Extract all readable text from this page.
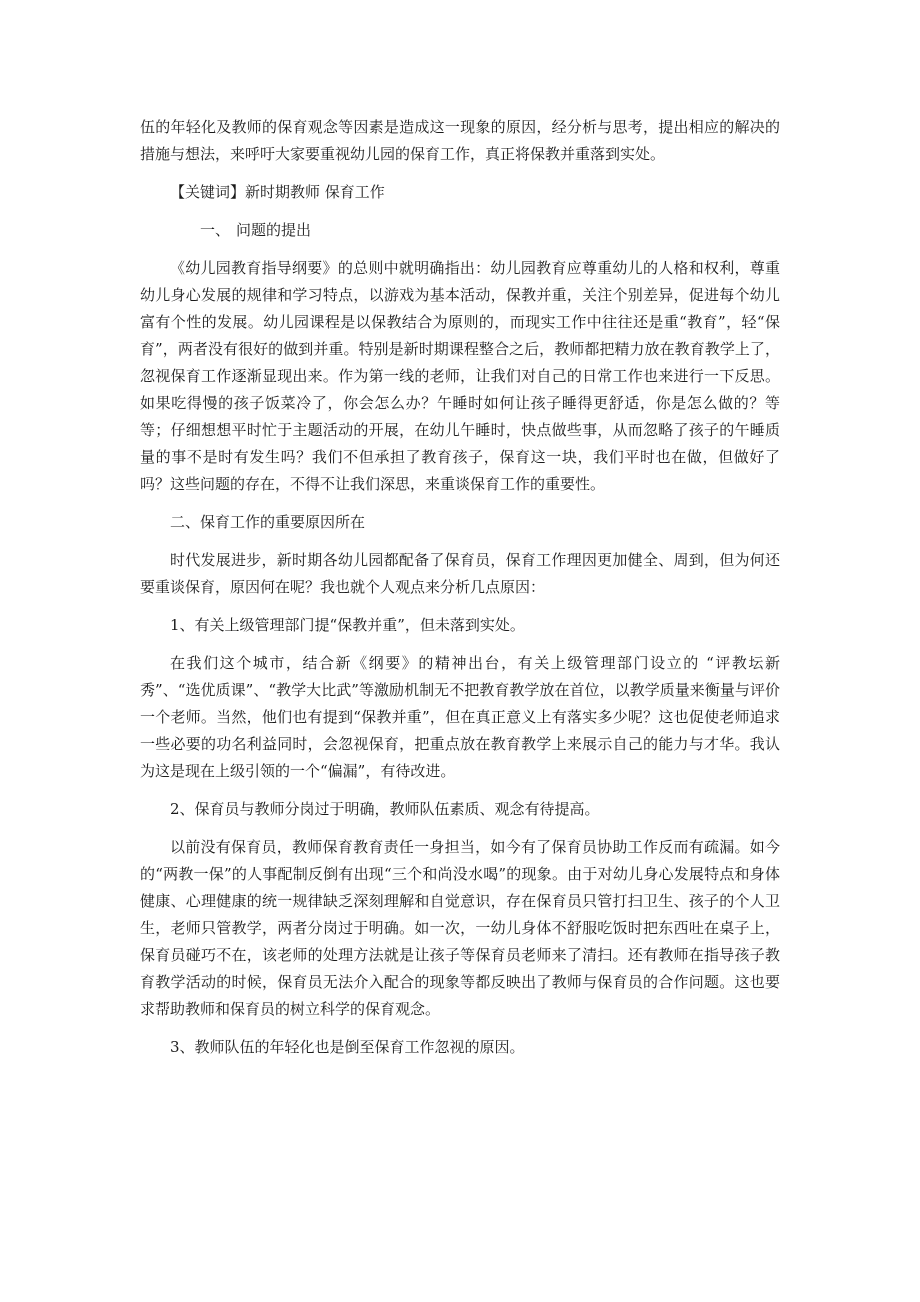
伍的年轻化及教师的保育观念等因素是造成这一现象的原因，经分析与思考，提出相应的解决的措施与想法，来呼吁大家要重视幼儿园的保育工作，真正将保教并重落到实处。

【关键词】新时期教师 保育工作

一、 问题的提出

《幼儿园教育指导纲要》的总则中就明确指出：幼儿园教育应尊重幼儿的人格和权利，尊重幼儿身心发展的规律和学习特点，以游戏为基本活动，保教并重，关注个别差异，促进每个幼儿富有个性的发展。幼儿园课程是以保教结合为原则的，而现实工作中往往还是重“教育”，轻“保育”，两者没有很好的做到并重。特别是新时期课程整合之后，教师都把精力放在教育教学上了，忽视保育工作逐渐显现出来。作为第一线的老师，让我们对自己的日常工作也来进行一下反思。如果吃得慢的孩子饭菜冷了，你会怎么办？午睡时如何让孩子睡得更舒适，你是怎么做的？等等；仔细想想平时忙于主题活动的开展，在幼儿午睡时，快点做些事，从而忽略了孩子的午睡质量的事不是时有发生吗？我们不但承担了教育孩子，保育这一块，我们平时也在做，但做好了吗？这些问题的存在，不得不让我们深思，来重谈保育工作的重要性。

二、保育工作的重要原因所在

时代发展进步，新时期各幼儿园都配备了保育员，保育工作理因更加健全、周到，但为何还要重谈保育，原因何在呢？我也就个人观点来分析几点原因：

1、有关上级管理部门提“保教并重”，但未落到实处。

在我们这个城市，结合新《纲要》的精神出台，有关上级管理部门设立的 “评教坛新秀”、“选优质课”、“教学大比武”等激励机制无不把教育教学放在首位，以教学质量来衡量与评价一个老师。当然，他们也有提到“保教并重”，但在真正意义上有落实多少呢？这也促使老师追求一些必要的功名利益同时，会忽视保育，把重点放在教育教学上来展示自己的能力与才华。我认为这是现在上级引领的一个“偏漏”，有待改进。

2、保育员与教师分岗过于明确，教师队伍素质、观念有待提高。

以前没有保育员，教师保育教育责任一身担当，如今有了保育员协助工作反而有疏漏。如今的“两教一保”的人事配制反倒有出现“三个和尚没水喝”的现象。由于对幼儿身心发展特点和身体健康、心理健康的统一规律缺乏深刻理解和自觉意识，存在保育员只管打扫卫生、孩子的个人卫生，老师只管教学，两者分岗过于明确。如一次，一幼儿身体不舒服吃饭时把东西吐在桌子上，保育员碰巧不在，该老师的处理方法就是让孩子等保育员老师来了清扫。还有教师在指导孩子教育教学活动的时候，保育员无法介入配合的现象等都反映出了教师与保育员的合作问题。这也要求帮助教师和保育员的树立科学的保育观念。

3、教师队伍的年轻化也是倒至保育工作忽视的原因。
